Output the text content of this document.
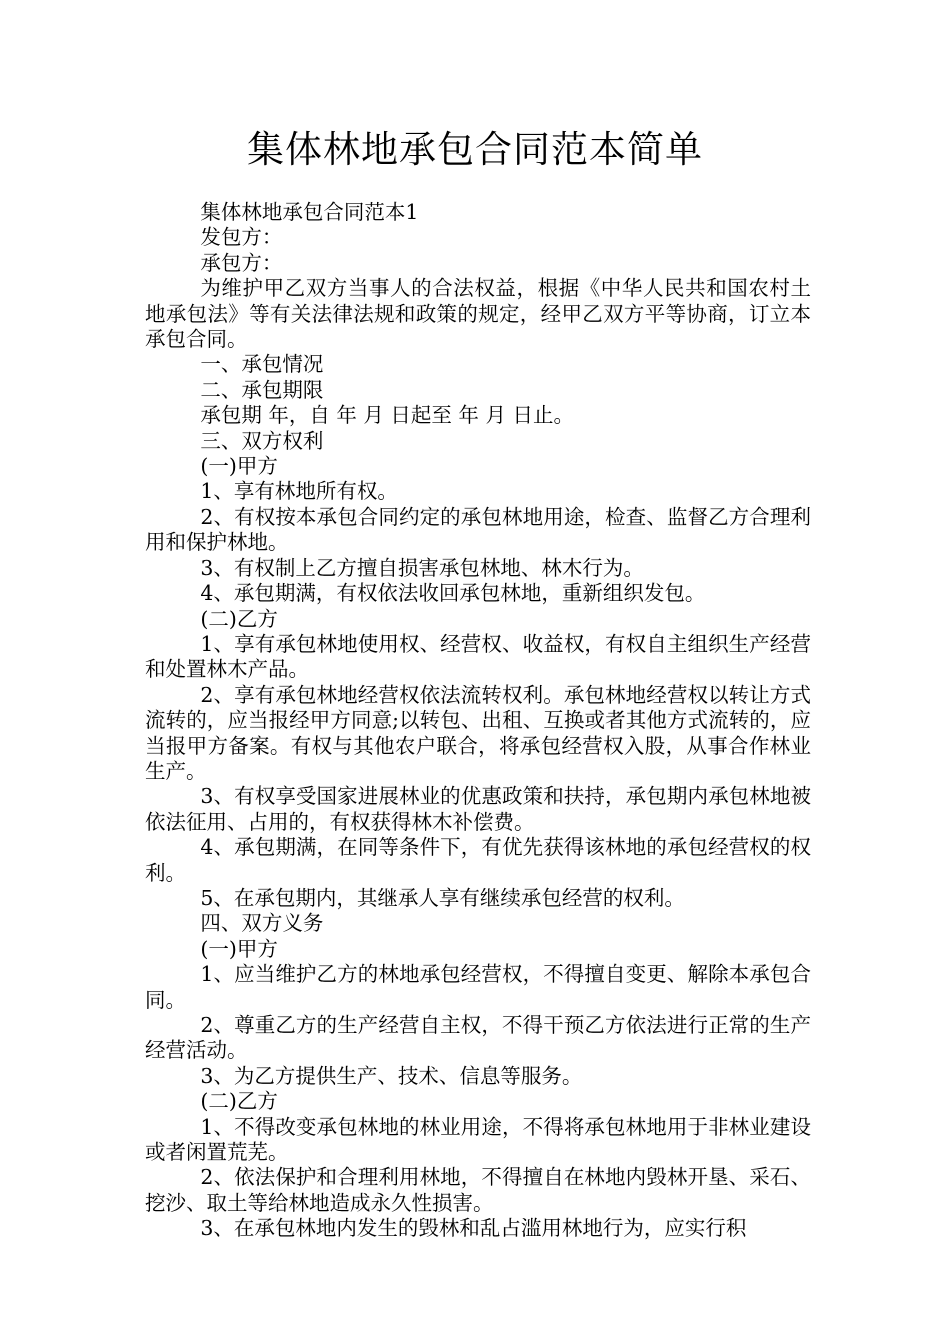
集体林地承包合同范本简单

集体林地承包合同范本1

发包方：

承包方：

为维护甲乙双方当事人的合法权益，根据《中华人民共和国农村土地承包法》等有关法律法规和政策的规定，经甲乙双方平等协商，订立本承包合同。

一、承包情况

二、承包期限

承包期 年，自 年 月 日起至 年 月 日止。

三、双方权利

(一)甲方

1、享有林地所有权。

2、有权按本承包合同约定的承包林地用途，检查、监督乙方合理利用和保护林地。

3、有权制上乙方擅自损害承包林地、林木行为。

4、承包期满，有权依法收回承包林地，重新组织发包。

(二)乙方

1、享有承包林地使用权、经营权、收益权，有权自主组织生产经营和处置林木产品。

2、享有承包林地经营权依法流转权利。承包林地经营权以转让方式流转的，应当报经甲方同意;以转包、出租、互换或者其他方式流转的，应当报甲方备案。有权与其他农户联合，将承包经营权入股，从事合作林业生产。

3、有权享受国家进展林业的优惠政策和扶持，承包期内承包林地被依法征用、占用的，有权获得林木补偿费。

4、承包期满，在同等条件下，有优先获得该林地的承包经营权的权利。

5、在承包期内，其继承人享有继续承包经营的权利。

四、双方义务

(一)甲方

1、应当维护乙方的林地承包经营权，不得擅自变更、解除本承包合同。

2、尊重乙方的生产经营自主权，不得干预乙方依法进行正常的生产经营活动。

3、为乙方提供生产、技术、信息等服务。

(二)乙方

1、不得改变承包林地的林业用途，不得将承包林地用于非林业建设或者闲置荒芜。

2、依法保护和合理利用林地，不得擅自在林地内毁林开垦、采石、挖沙、取土等给林地造成永久性损害。

3、在承包林地内发生的毁林和乱占滥用林地行为，应实行积
